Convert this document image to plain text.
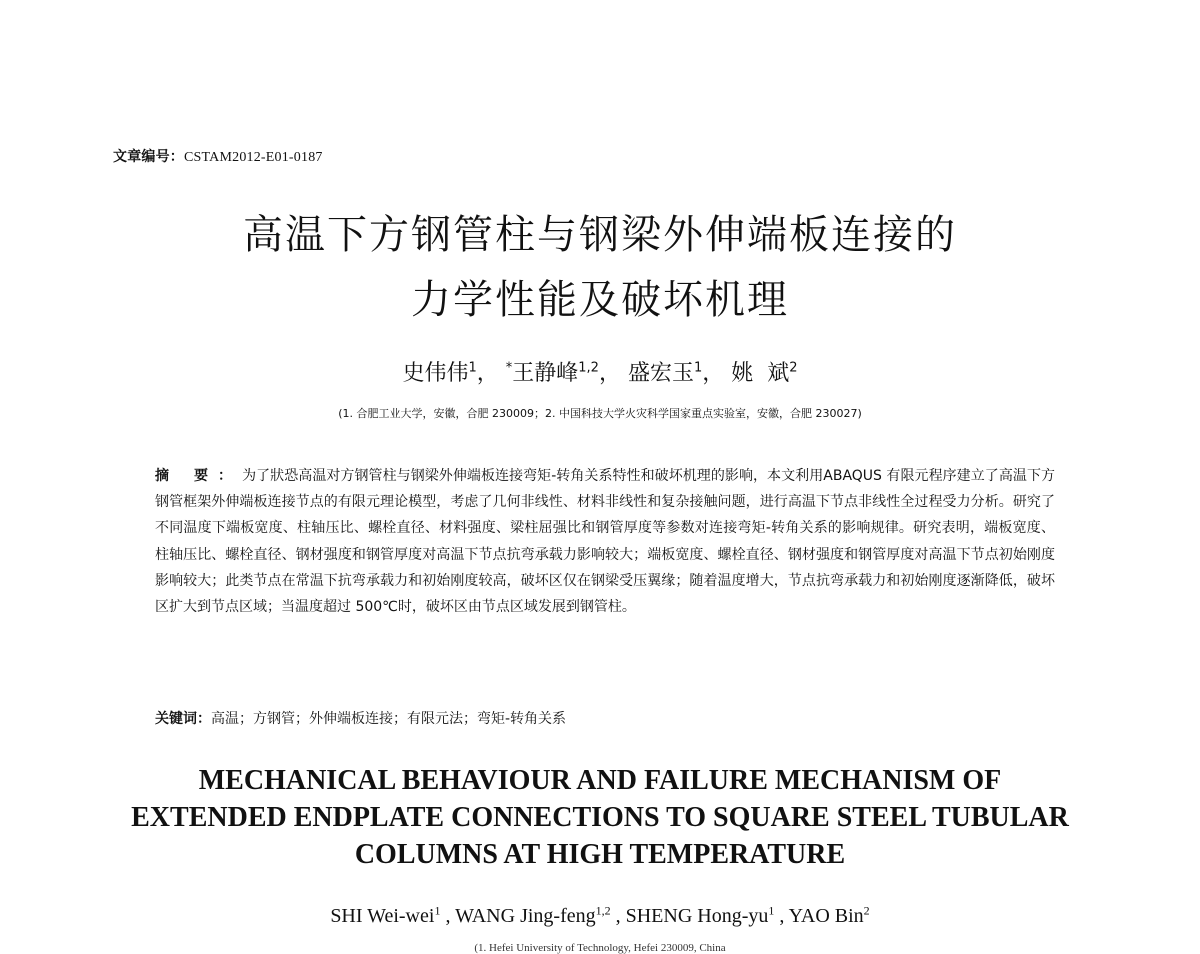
文章编号：CSTAM2012-E01-0187
高温下方钢管柱与钢梁外伸端板连接的
力学性能及破坏机理
史伟伟$^1$， *王静峰$^{1,2}$， 盛宏玉$^1$， 姚  斌$^2$
(1. 合肥工业大学，安徽，合肥 230009；2. 中国科技大学火灾科学国家重点实验室，安徽，合肥 230027)

摘 要：为了狀恐高温对方钢管柱与钢梁外伸端板连接弯矩-转角关系特性和破坏机理的影响，本文利用ABAQUS 有限元程序建立了高温下方钢管框架外伸端板连接节点的有限元理论模型，考虑了几何非线性、材料非线性和复杂接触问题，进行高温下节点非线性全过程受力分析。研究了不同温度下端板宽度、柱轴压比、螺栓直径、材料强度、梁柱屈强比和钢管厚度等参数对连接弯矩-转角关系的影响规律。研究表明，端板宽度、柱轴压比、螺栓直径、钢材强度和钢管厚度对高温下节点抗弯承载力影响较大；端板宽度、螺栓直径、钢材强度和钢管厚度对高温下节点初始刚度影响较大；此类节点在常温下抗弯承载力和初始刚度较高，破坏区仅在钢梁受压翼缘；随着温度增大，节点抗弯承载力和初始刚度逐渐降低，破坏区扩大到节点区域；当温度超过 500℃时，破坏区由节点区域发展到钢管柱。

关键词：高温；方钢管；外伸端板连接；有限元法；弯矩-转角关系
MECHANICAL BEHAVIOUR AND FAILURE MECHANISM OF
EXTENDED ENDPLATE CONNECTIONS TO SQUARE STEEL TUBULAR
COLUMNS AT HIGH TEMPERATURE
SHI Wei-wei$^1$ , WANG Jing-feng$^{1,2}$ , SHENG Hong-$yu^1$ , YAO Bin$^2$
(1. Hefei University of Technology, Hefei 230009, China
